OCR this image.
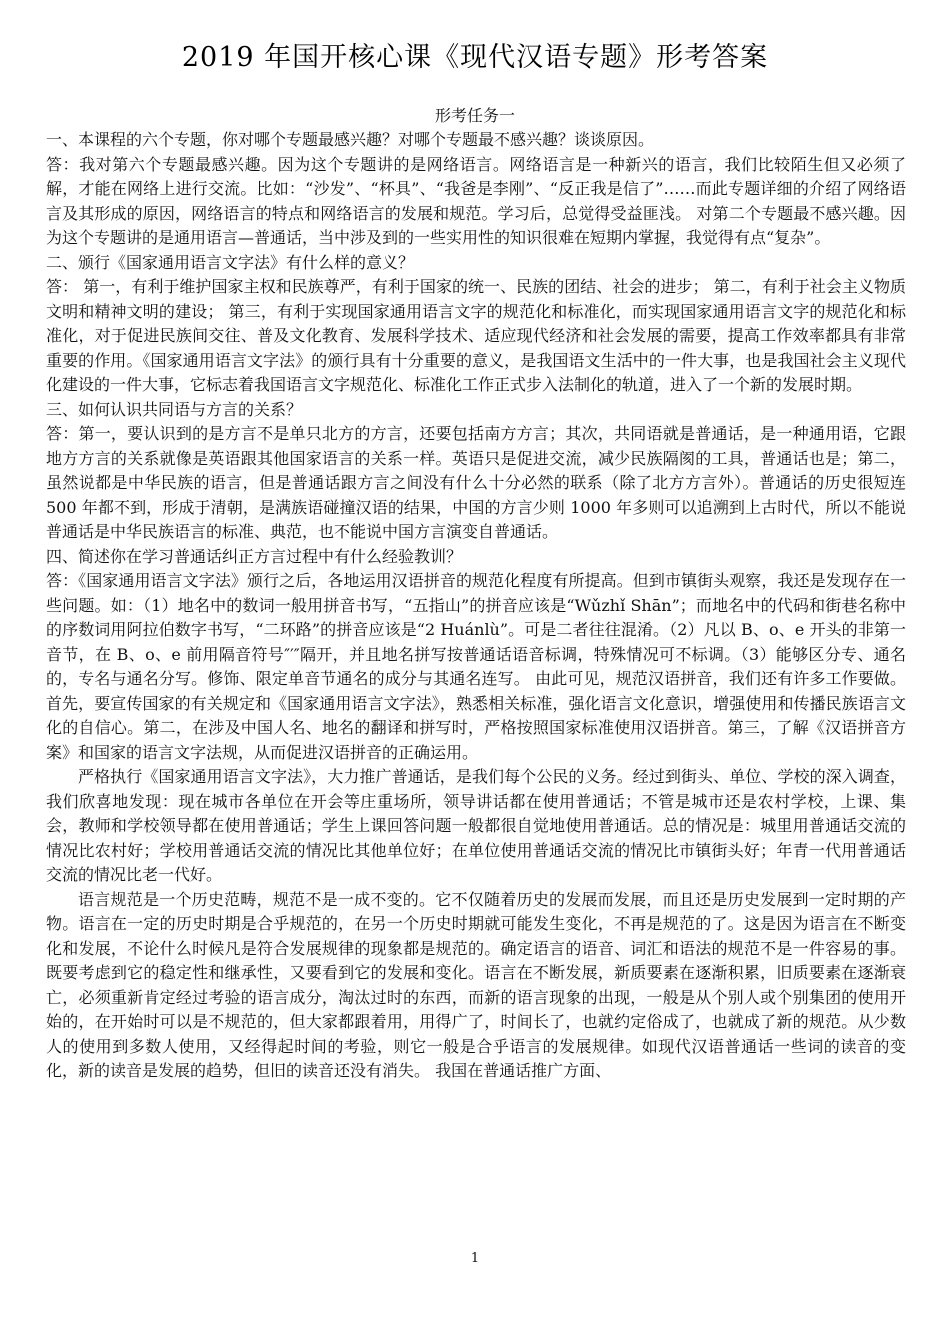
2019 年国开核心课《现代汉语专题》形考答案
形考任务一

一、本课程的六个专题，你对哪个专题最感兴趣？对哪个专题最不感兴趣？谈谈原因。

答：我对第六个专题最感兴趣。因为这个专题讲的是网络语言。网络语言是一种新兴的语言，我们比较陌生但又必须了解，才能在网络上进行交流。比如：“沙发”、“杯具”、“我爸是李刚”、“反正我是信了”……而此专题详细的介绍了网络语言及其形成的原因，网络语言的特点和网络语言的发展和规范。学习后，总觉得受益匪浅。 对第二个专题最不感兴趣。因为这个专题讲的是通用语言—普通话，当中涉及到的一些实用性的知识很难在短期内掌握，我觉得有点“复杂”。

二、颁行《国家通用语言文字法》有什么样的意义？

答： 第一，有利于维护国家主权和民族尊严，有利于国家的统一、民族的团结、社会的进步； 第二，有利于社会主义物质文明和精神文明的建设； 第三，有利于实现国家通用语言文字的规范化和标准化，而实现国家通用语言文字的规范化和标准化，对于促进民族间交往、普及文化教育、发展科学技术、适应现代经济和社会发展的需要，提高工作效率都具有非常重要的作用。《国家通用语言文字法》的颁行具有十分重要的意义，是我国语文生活中的一件大事，也是我国社会主义现代化建设的一件大事，它标志着我国语言文字规范化、标准化工作正式步入法制化的轨道，进入了一个新的发展时期。

三、如何认识共同语与方言的关系？

答：第一，要认识到的是方言不是单只北方的方言，还要包括南方方言；其次，共同语就是普通话，是一种通用语，它跟地方方言的关系就像是英语跟其他国家语言的关系一样。英语只是促进交流，减少民族隔阂的工具，普通话也是；第二，虽然说都是中华民族的语言，但是普通话跟方言之间没有什么十分必然的联系（除了北方方言外）。普通话的历史很短连 500 年都不到，形成于清朝，是满族语碰撞汉语的结果，中国的方言少则 1000 年多则可以追溯到上古时代，所以不能说普通话是中华民族语言的标准、典范，也不能说中国方言演变自普通话。

四、简述你在学习普通话纠正方言过程中有什么经验教训？

答：《国家通用语言文字法》颁行之后，各地运用汉语拼音的规范化程度有所提高。但到市镇街头观察，我还是发现存在一些问题。如：（1）地名中的数词一般用拼音书写，“五指山”的拼音应该是“Wǔzhǐ Shān”；而地名中的代码和街巷名称中的序数词用阿拉伯数字书写，“二环路”的拼音应该是“2 Huánlù”。可是二者往往混淆。（2）凡以 B、o、e 开头的非第一音节，在 B、o、e 前用隔音符号″′″隔开，并且地名拼写按普通话语音标调，特殊情况可不标调。（3）能够区分专、通名的，专名与通名分写。修饰、限定单音节通名的成分与其通名连写。 由此可见，规范汉语拼音，我们还有许多工作要做。首先，要宣传国家的有关规定和《国家通用语言文字法》，熟悉相关标准，强化语言文化意识，增强使用和传播民族语言文化的自信心。第二，在涉及中国人名、地名的翻译和拼写时，严格按照国家标准使用汉语拼音。第三，了解《汉语拼音方案》和国家的语言文字法规，从而促进汉语拼音的正确运用。

严格执行《国家通用语言文字法》，大力推广普通话，是我们每个公民的义务。经过到街头、单位、学校的深入调查，我们欣喜地发现：现在城市各单位在开会等庄重场所，领导讲话都在使用普通话；不管是城市还是农村学校，上课、集会，教师和学校领导都在使用普通话；学生上课回答问题一般都很自觉地使用普通话。总的情况是：城里用普通话交流的情况比农村好；学校用普通话交流的情况比其他单位好；在单位使用普通话交流的情况比市镇街头好；年青一代用普通话交流的情况比老一代好。

语言规范是一个历史范畴，规范不是一成不变的。它不仅随着历史的发展而发展，而且还是历史发展到一定时期的产物。语言在一定的历史时期是合乎规范的，在另一个历史时期就可能发生变化，不再是规范的了。这是因为语言在不断变化和发展，不论什么时候凡是符合发展规律的现象都是规范的。确定语言的语音、词汇和语法的规范不是一件容易的事。既要考虑到它的稳定性和继承性，又要看到它的发展和变化。语言在不断发展，新质要素在逐渐积累，旧质要素在逐渐衰亡，必须重新肯定经过考验的语言成分，淘汰过时的东西，而新的语言现象的出现，一般是从个别人或个别集团的使用开始的，在开始时可以是不规范的，但大家都跟着用，用得广了，时间长了，也就约定俗成了，也就成了新的规范。从少数人的使用到多数人使用，又经得起时间的考验，则它一般是合乎语言的发展规律。如现代汉语普通话一些词的读音的变化，新的读音是发展的趋势，但旧的读音还没有消失。 我国在普通话推广方面、

1
